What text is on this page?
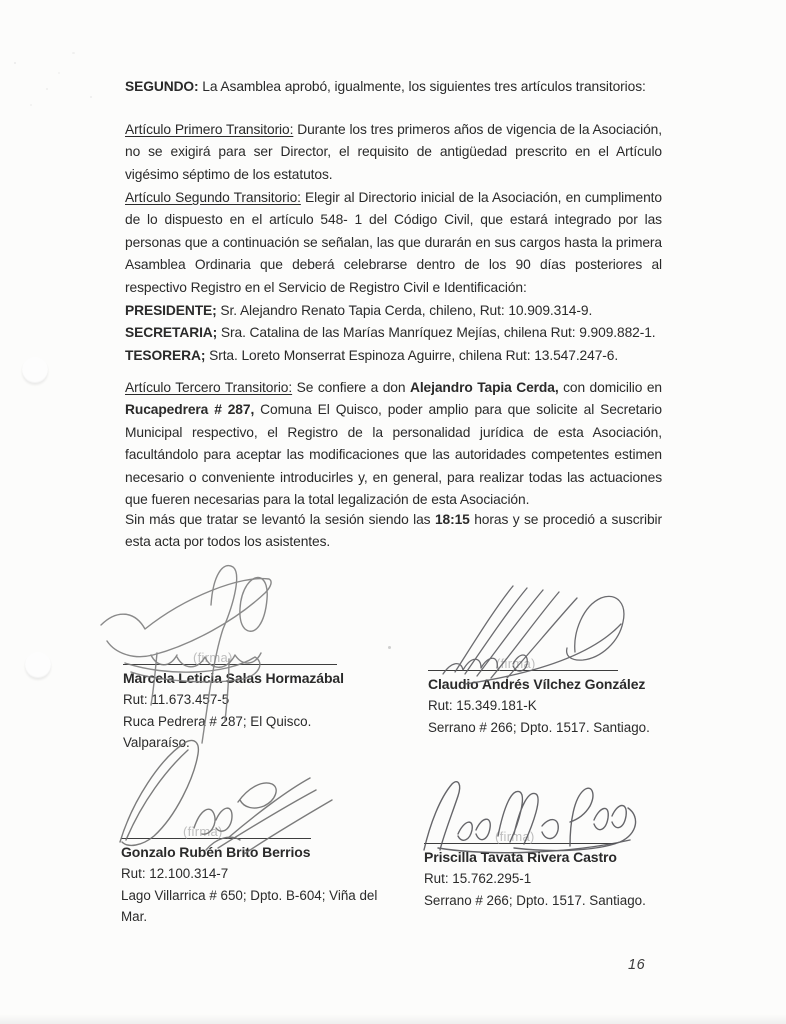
SEGUNDO: La Asamblea aprobó, igualmente, los siguientes tres artículos transitorios:

Artículo Primero Transitorio: Durante los tres primeros años de vigencia de la Asociación, no se exigirá para ser Director, el requisito de antigüedad prescrito en el Artículo vigésimo séptimo de los estatutos.

Artículo Segundo Transitorio: Elegir al Directorio inicial de la Asociación, en cumplimento de lo dispuesto en el artículo 548- 1 del Código Civil, que estará integrado por las personas que a continuación se señalan, las que durarán en sus cargos hasta la primera Asamblea Ordinaria que deberá celebrarse dentro de los 90 días posteriores al respectivo Registro en el Servicio de Registro Civil e Identificación:

PRESIDENTE; Sr. Alejandro Renato Tapia Cerda, chileno, Rut: 10.909.314-9.
SECRETARIA; Sra. Catalina de las Marías Manríquez Mejías, chilena Rut: 9.909.882-1.
TESORERA; Srta. Loreto Monserrat Espinoza Aguirre, chilena Rut: 13.547.247-6.

Artículo Tercero Transitorio: Se confiere a don Alejandro Tapia Cerda, con domicilio en Rucapedrera # 287, Comuna El Quisco, poder amplio para que solicite al Secretario Municipal respectivo, el Registro de la personalidad jurídica de esta Asociación, facultándolo para aceptar las modificaciones que las autoridades competentes estimen necesario o conveniente introducirles y, en general, para realizar todas las actuaciones que fueren necesarias para la total legalización de esta Asociación.

Sin más que tratar se levantó la sesión siendo las 18:15 horas y se procedió a suscribir esta acta por todos los asistentes.

(firma)
Marcela Leticia Salas Hormazábal
Rut: 11.673.457-5
Ruca Pedrera # 287; El Quisco. Valparaíso.
(firma)
Claudio Andrés Vílchez González
Rut: 15.349.181-K
Serrano # 266; Dpto. 1517. Santiago.
(firma)
Gonzalo Rubén Brito Berrios
Rut: 12.100.314-7
Lago Villarrica # 650; Dpto. B-604; Viña del Mar.
(firma)
Priscilla Tavata Rivera Castro
Rut: 15.762.295-1
Serrano # 266; Dpto. 1517. Santiago.
16
